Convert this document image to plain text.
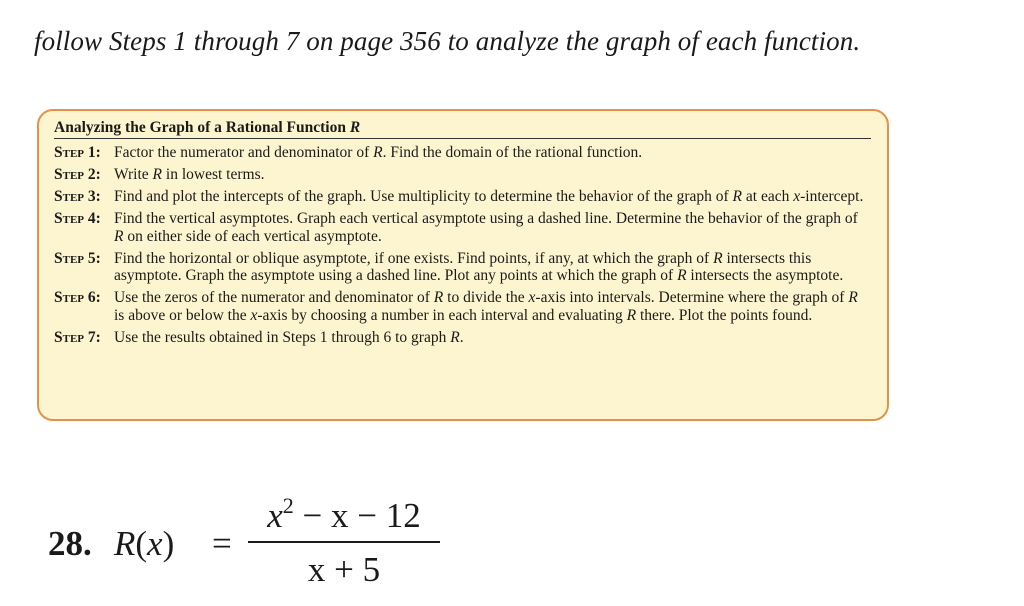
follow Steps 1 through 7 on page 356 to analyze the graph of each function.
Analyzing the Graph of a Rational Function R
Step 1: Factor the numerator and denominator of R. Find the domain of the rational function.
Step 2: Write R in lowest terms.
Step 3: Find and plot the intercepts of the graph. Use multiplicity to determine the behavior of the graph of R at each x-intercept.
Step 4: Find the vertical asymptotes. Graph each vertical asymptote using a dashed line. Determine the behavior of the graph of R on either side of each vertical asymptote.
Step 5: Find the horizontal or oblique asymptote, if one exists. Find points, if any, at which the graph of R intersects this asymptote. Graph the asymptote using a dashed line. Plot any points at which the graph of R intersects the asymptote.
Step 6: Use the zeros of the numerator and denominator of R to divide the x-axis into intervals. Determine where the graph of R is above or below the x-axis by choosing a number in each interval and evaluating R there. Plot the points found.
Step 7: Use the results obtained in Steps 1 through 6 to graph R.
28. R(x) =
$x^2 - x - 12$
x + 5
